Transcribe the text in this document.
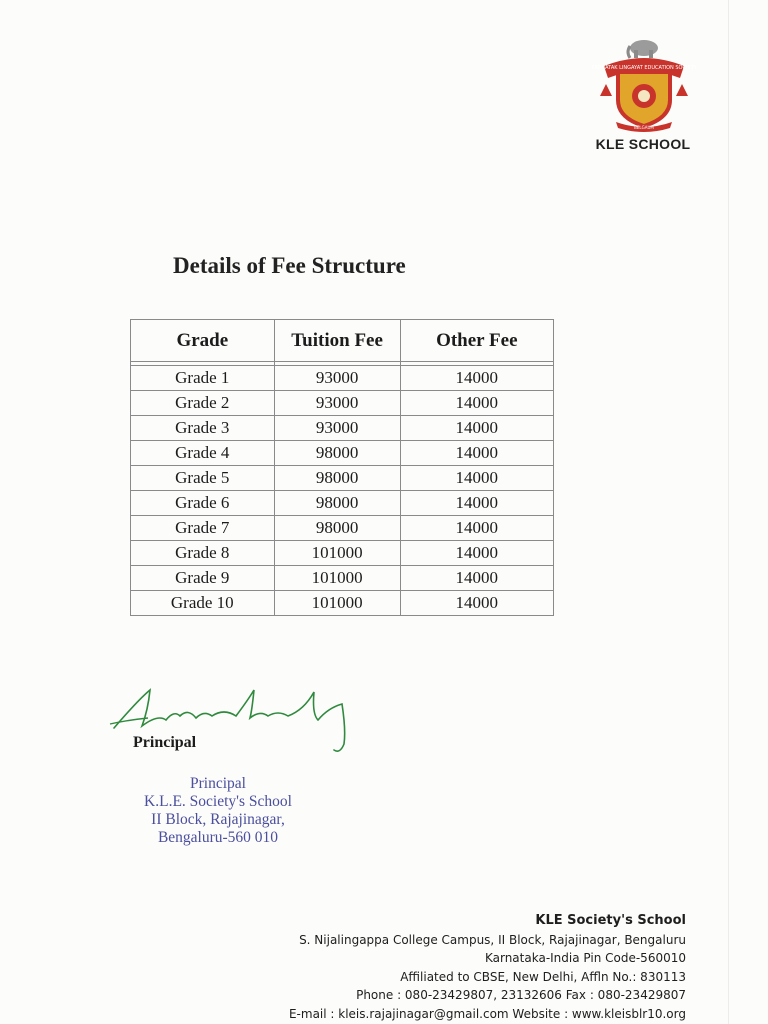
KARNATAK LINGAYAT EDUCATION SOCIETY
BELGAUM
KLE SCHOOL
Details of Fee Structure
Grade	Tuition Fee	Other Fee

Grade 1	93000	14000
Grade 2	93000	14000
Grade 3	93000	14000
Grade 4	98000	14000
Grade 5	98000	14000
Grade 6	98000	14000
Grade 7	98000	14000
Grade 8	101000	14000
Grade 9	101000	14000
Grade 10	101000	14000
Principal
Principal
K.L.E. Society's School
II Block, Rajajinagar,
Bengaluru-560 010
KLE Society's School
S. Nijalingappa College Campus, II Block, Rajajinagar, Bengaluru
Karnataka-India Pin Code-560010
Affiliated to CBSE, New Delhi, Affln No.: 830113
Phone : 080-23429807, 23132606 Fax : 080-23429807
E-mail : kleis.rajajinagar@gmail.com Website : www.kleisblr10.org
